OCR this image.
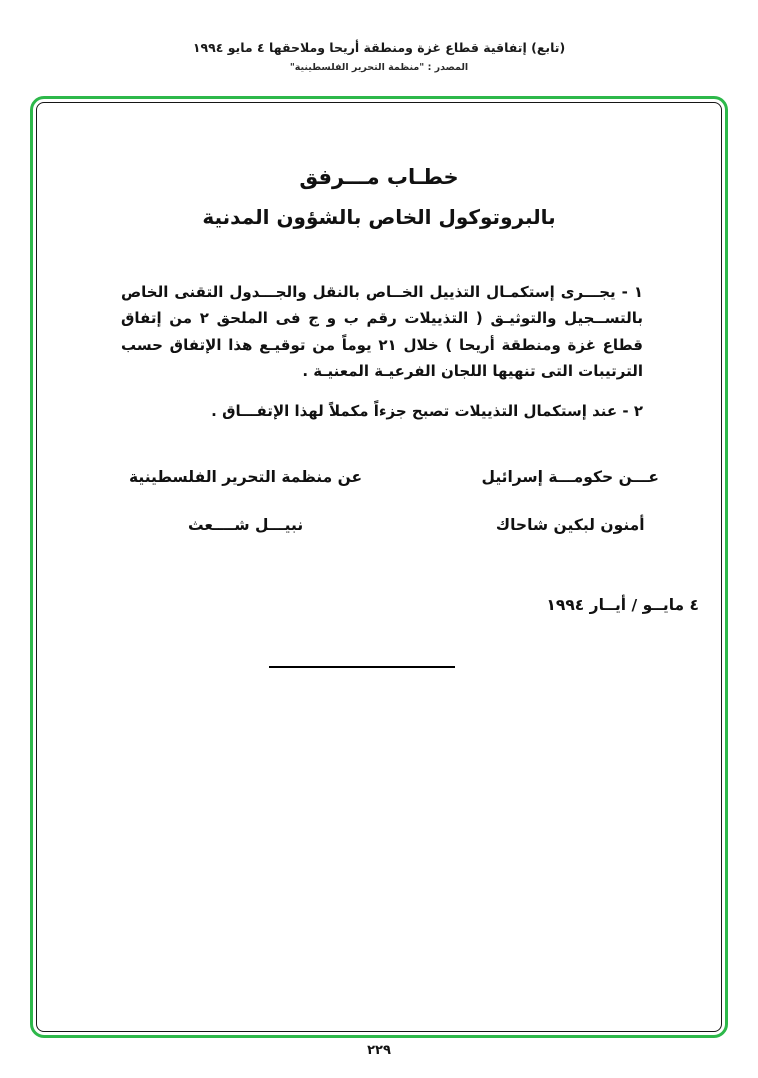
(تابع) إتفاقية قطاع غزة ومنطقة أريحا وملاحقها ٤ مايو ١٩٩٤
المصدر : "منظمة التحرير الفلسطينية"
خطـاب مـــرفق
بالبروتوكول الخاص بالشؤون المدنية
١ - يجـــرى إستكمـال التذييل الخــاص بالنقل والجـــدول التقنى الخاص بالتســجيل والتوثيـق ( التذييلات رقم ب و ج فى الملحق ٢ من إتفاق قطاع غزة ومنطقة أريحا ) خلال ٢١ يوماً من توقيـع هذا الإتفاق حسب الترتيبات التى تنهيها اللجان الفرعيـة المعنيـة .
٢ - عند إستكمال التذييلات تصبح جزءاً مكملاً لهذا الإتفـــاق .
عـــن حكومـــة إسرائيل
أمنون لبكين شاحاك
عن منظمة التحرير الفلسطينية
نبيـــل شــــعث
٤ مايــو / أيــار ١٩٩٤
٢٢٩
